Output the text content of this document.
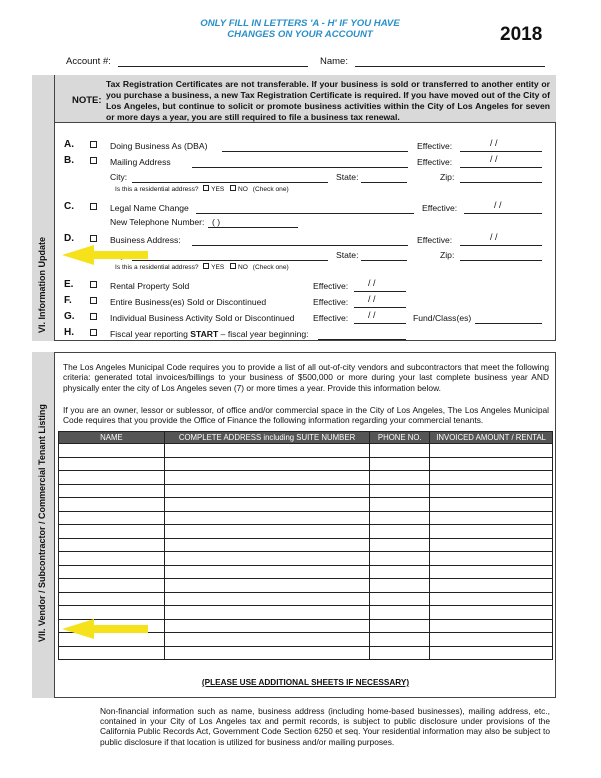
ONLY FILL IN LETTERS 'A - H' IF YOU HAVE
CHANGES ON YOUR ACCOUNT	2018
Account #:	Name:
VI. Information Update
NOTE:
Tax Registration Certificates are not transferable. If your business is sold or transferred to another entity or you purchase a business, a new Tax Registration Certificate is required. If you have moved out of the City of Los Angeles, but continue to solicit or promote business activities within the City of Los Angeles for seven or more days a year, you are still required to file a business tax renewal.
A.	Doing Business As (DBA)	Effective:	/ /
B.	Mailing Address	Effective:	/ /
City:	State:	Zip:
Is this a residential address? YES NO (Check one)
C.	Legal Name Change	Effective:	/ /
New Telephone Number: ( )
D.	Business Address:	Effective:	/ /
State:	Zip:
Is this a residential address? YES NO (Check one)
E.	Rental Property Sold	Effective: / /
F.	Entire Business(es) Sold or Discontinued	Effective: / /
G.	Individual Business Activity Sold or Discontinued Effective: / /	Fund/Class(es)
H.	Fiscal year reporting START – fiscal year beginning:
VII. Vendor / Subcontractor / Commercial Tenant Listing
The Los Angeles Municipal Code requires you to provide a list of all out-of-city vendors and subcontractors that meet the following criteria: generated total invoices/billings to your business of $500,000 or more during your last complete business year AND physically enter the city of Los Angeles seven (7) or more times a year. Provide this information below.
If you are an owner, lessor or sublessor, of office and/or commercial space in the City of Los Angeles, The Los Angeles Municipal Code requires that you provide the Office of Finance the following information regarding your commercial tenants.
NAME	COMPLETE ADDRESS including SUITE NUMBER	PHONE NO.	INVOICED AMOUNT / RENTAL

(PLEASE USE ADDITIONAL SHEETS IF NECESSARY)
Non-financial information such as name, business address (including home-based businesses), mailing address, etc., contained in your City of Los Angeles tax and permit records, is subject to public disclosure under provisions of the California Public Records Act, Government Code Section 6250 et seq. Your residential information may also be subject to public disclosure if that location is utilized for business and/or mailing purposes.
